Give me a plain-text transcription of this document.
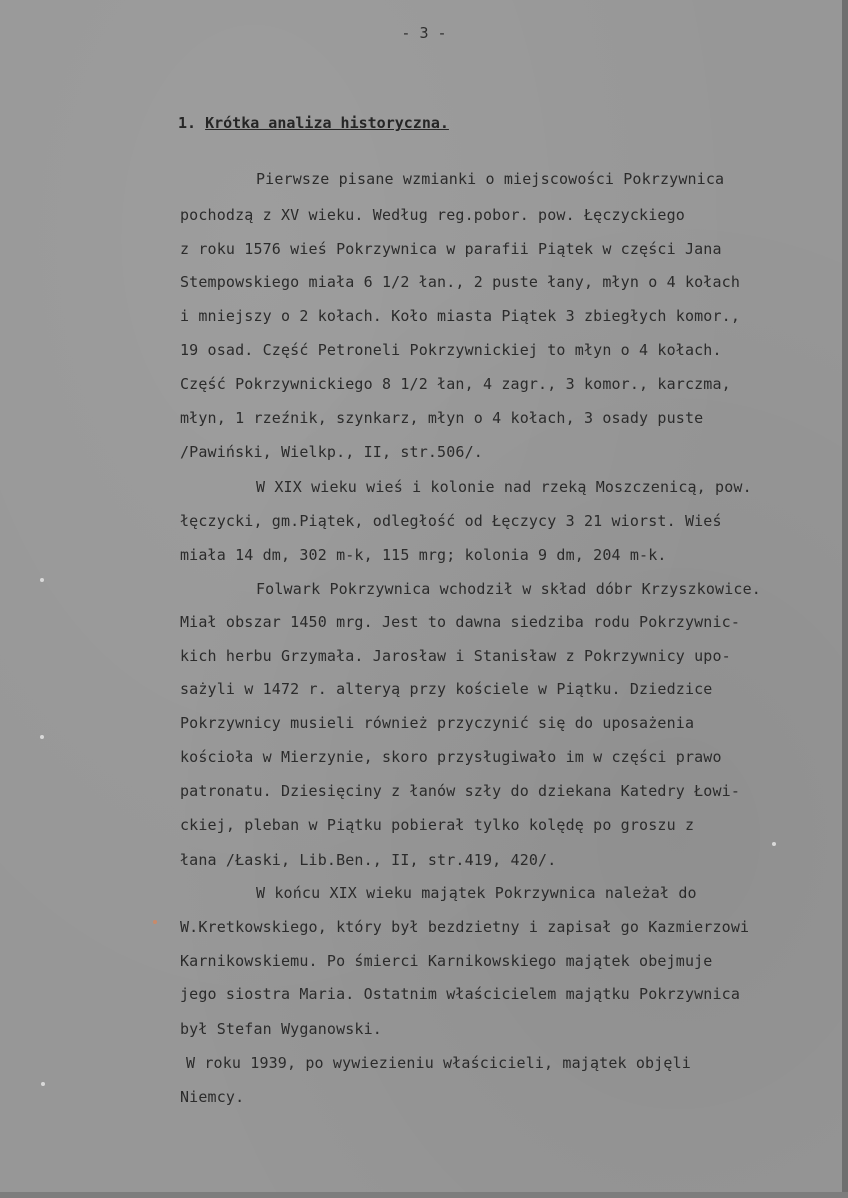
- 3 -
1. Krótka analiza historyczna.
Pierwsze pisane wzmianki o miejscowości Pokrzywnica
pochodzą z XV wieku. Według reg.pobor. pow. Łęczyckiego
z roku 1576 wieś Pokrzywnica w parafii Piątek w części Jana
Stempowskiego miała 6 1/2 łan., 2 puste łany, młyn o 4 kołach
i mniejszy o 2 kołach. Koło miasta Piątek 3 zbiegłych komor.,
19 osad. Część Petroneli Pokrzywnickiej to młyn o 4 kołach.
Część Pokrzywnickiego 8 1/2 łan, 4 zagr., 3 komor., karczma,
młyn, 1 rzeźnik, szynkarz, młyn o 4 kołach, 3 osady puste
/Pawiński, Wielkp., II, str.506/.
W XIX wieku wieś i kolonie nad rzeką Moszczenicą, pow.
łęczycki, gm.Piątek, odległość od Łęczycy 3 21 wiorst. Wieś
miała 14 dm, 302 m-k, 115 mrg; kolonia 9 dm, 204 m-k.
Folwark Pokrzywnica wchodził w skład dóbr Krzyszkowice.
Miał obszar 1450 mrg. Jest to dawna siedziba rodu Pokrzywnic-
kich herbu Grzymała. Jarosław i Stanisław z Pokrzywnicy upo-
sażyli w 1472 r. alteryą przy kościele w Piątku. Dziedzice
Pokrzywnicy musieli również przyczynić się do uposażenia
kościoła w Mierzynie, skoro przysługiwało im w części prawo
patronatu. Dziesięciny z łanów szły do dziekana Katedry Łowi-
ckiej, pleban w Piątku pobierał tylko kolędę po groszu z
łana /Łaski, Lib.Ben., II, str.419, 420/.
W końcu XIX wieku majątek Pokrzywnica należał do
W.Kretkowskiego, który był bezdzietny i zapisał go Kazmierzowi
Karnikowskiemu. Po śmierci Karnikowskiego majątek obejmuje
jego siostra Maria. Ostatnim właścicielem majątku Pokrzywnica
był Stefan Wyganowski.
W roku 1939, po wywiezieniu właścicieli, majątek objęli
Niemcy.
